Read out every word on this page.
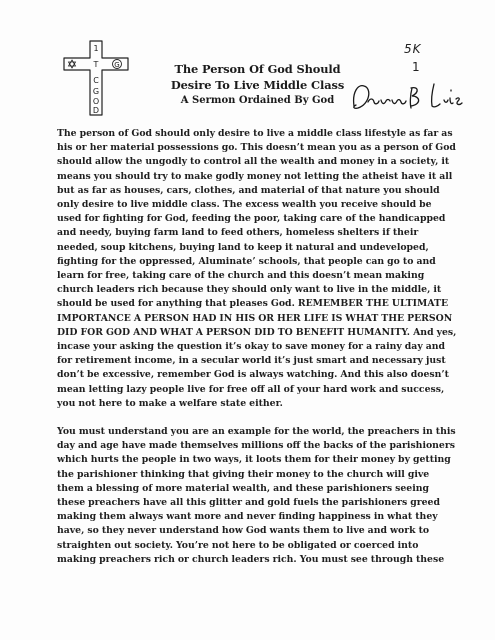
G
1
T
C
G
O
D
The Person Of God Should
Desire To Live Middle Class
A Sermon Ordained By God
5K
1

The person of God should only desire to live a middle class lifestyle as far as his or her material possessions go. This doesn’t mean you as a person of God should allow the ungodly to control all the wealth and money in a society, it means you should try to make godly money not letting the atheist have it all but as far as houses, cars, clothes, and material of that nature you should only desire to live middle class. The excess wealth you receive should be used for fighting for God, feeding the poor, taking care of the handicapped and needy, buying farm land to feed others, homeless shelters if their needed, soup kitchens, buying land to keep it natural and undeveloped, fighting for the oppressed, Aluminate’ schools, that people can go to and learn for free, taking care of the church and this doesn’t mean making church leaders rich because they should only want to live in the middle, it should be used for anything that pleases God. REMEMBER THE ULTIMATE IMPORTANCE A PERSON HAD IN HIS OR HER LIFE IS WHAT THE PERSON DID FOR GOD AND WHAT A PERSON DID TO BENEFIT HUMANITY. And yes, incase your asking the question it’s okay to save money for a rainy day and for retirement income, in a secular world it’s just smart and necessary just don’t be excessive, remember God is always watching. And this also doesn’t mean letting lazy people live for free off all of your hard work and success, you not here to make a welfare state either.

You must understand you are an example for the world, the preachers in this day and age have made themselves millions off the backs of the parishioners which hurts the people in two ways, it loots them for their money by getting the parishioner thinking that giving their money to the church will give them a blessing of more material wealth, and these parishioners seeing these preachers have all this glitter and gold fuels the parishioners greed making them always want more and never finding happiness in what they have, so they never understand how God wants them to live and work to straighten out society. You’re not here to be obligated or coerced into making preachers rich or church leaders rich. You must see through these
